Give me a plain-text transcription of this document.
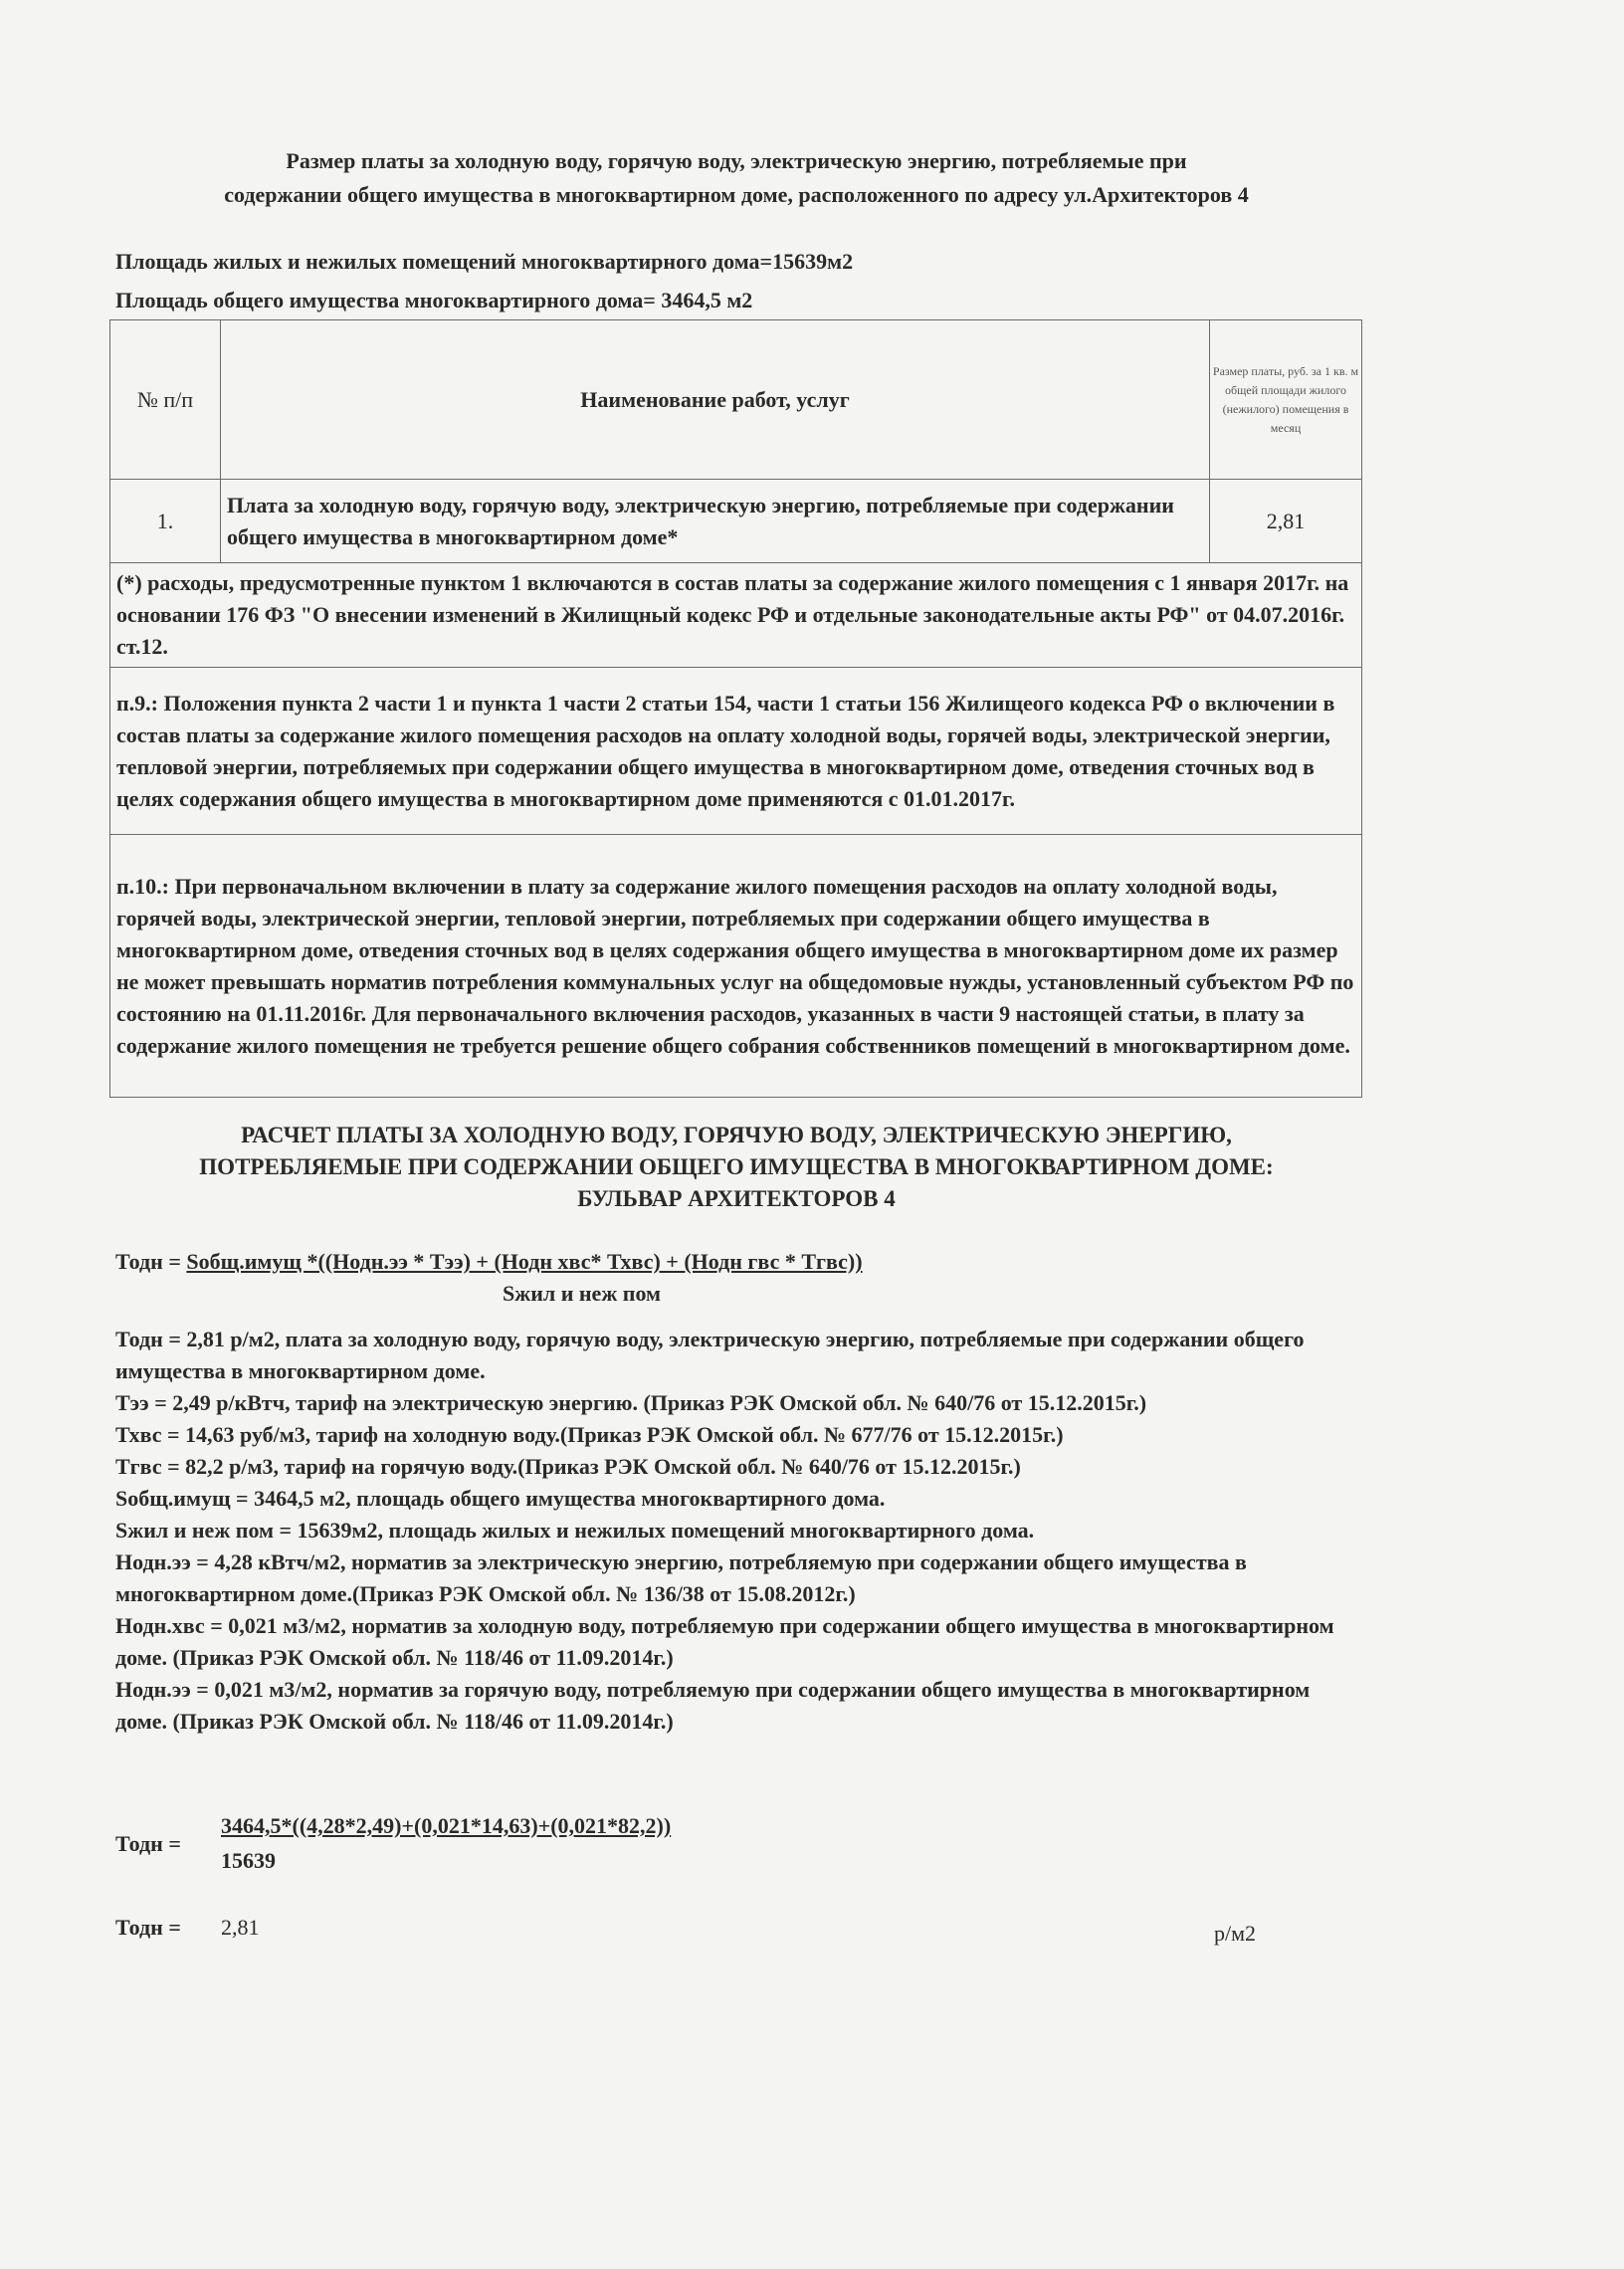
Размер платы за холодную воду, горячую воду, электрическую энергию, потребляемые при
содержании общего имущества в многоквартирном доме, расположенного по адресу ул.Архитекторов 4
Площадь жилых и нежилых помещений многоквартирного дома=15639м2
Площадь общего имущества многоквартирного дома= 3464,5 м2
№ п/п	Наименование работ, услуг	Размер платы, руб. за 1 кв. м общей площади жилого (нежилого) помещения в месяц
1.	Плата за холодную воду, горячую воду, электрическую энергию, потребляемые при содержании общего имущества в многоквартирном доме*	2,81
(*) расходы, предусмотренные пунктом 1 включаются в состав платы за содержание жилого помещения с 1 января 2017г. на основании 176 ФЗ "О внесении изменений в Жилищный кодекс РФ и отдельные законодательные акты РФ" от 04.07.2016г. ст.12.		
п.9.: Положения пункта 2 части 1 и пункта 1 части 2 статьи 154, части 1 статьи 156 Жилищеого кодекса РФ о включении в состав платы за содержание жилого помещения расходов на оплату холодной воды, горячей воды, электрической энергии, тепловой энергии, потребляемых при содержании общего имущества в многоквартирном доме, отведения сточных вод в целях содержания общего имущества в многоквартирном доме применяются с 01.01.2017г.		
п.10.: При первоначальном включении в плату за содержание жилого помещения расходов на оплату холодной воды, горячей воды, электрической энергии, тепловой энергии, потребляемых при содержании общего имущества в многоквартирном доме, отведения сточных вод в целях содержания общего имущества в многоквартирном доме их размер не может превышать норматив потребления коммунальных услуг на общедомовые нужды, установленный субъектом РФ по состоянию на 01.11.2016г. Для первоначального включения расходов, указанных в части 9 настоящей статьи, в плату за содержание жилого помещения не требуется решение общего собрания собственников помещений в многоквартирном доме.		
РАСЧЕТ ПЛАТЫ ЗА ХОЛОДНУЮ ВОДУ, ГОРЯЧУЮ ВОДУ, ЭЛЕКТРИЧЕСКУЮ ЭНЕРГИЮ,
ПОТРЕБЛЯЕМЫЕ ПРИ СОДЕРЖАНИИ ОБЩЕГО ИМУЩЕСТВА В МНОГОКВАРТИРНОМ ДОМЕ:
БУЛЬВАР АРХИТЕКТОРОВ 4
Тодн = Sобщ.имущ *((Нодн.ээ * Тээ) + (Нодн хвс* Тхвс) + (Нодн гвс * Тгвс))
Sжил и неж пом

Тодн = 2,81 р/м2, плата за холодную воду, горячую воду, электрическую энергию, потребляемые при содержании общего имущества в многоквартирном доме.

Тээ = 2,49 р/кВтч, тариф на электрическую энергию. (Приказ РЭК Омской обл. № 640/76 от 15.12.2015г.)

Тхвс = 14,63 руб/м3, тариф на холодную воду.(Приказ РЭК Омской обл. № 677/76 от 15.12.2015г.)

Тгвс = 82,2 р/м3, тариф на горячую воду.(Приказ РЭК Омской обл. № 640/76 от 15.12.2015г.)

Sобщ.имущ = 3464,5 м2, площадь общего имущества многоквартирного дома.

Sжил и неж пом = 15639м2, площадь жилых и нежилых помещений многоквартирного дома.

Нодн.ээ = 4,28 кВтч/м2, норматив за электрическую энергию, потребляемую при содержании общего имущества в многоквартирном доме.(Приказ РЭК Омской обл. № 136/38 от 15.08.2012г.)

Нодн.хвс = 0,021 м3/м2, норматив за холодную воду, потребляемую при содержании общего имущества в многоквартирном доме. (Приказ РЭК Омской обл. № 118/46 от 11.09.2014г.)

Нодн.ээ = 0,021 м3/м2, норматив за горячую воду, потребляемую при содержании общего имущества в многоквартирном доме. (Приказ РЭК Омской обл. № 118/46 от 11.09.2014г.)

Тодн =
3464,5*((4,28*2,49)+(0,021*14,63)+(0,021*82,2))
15639
Тодн = 2,81	р/м2
